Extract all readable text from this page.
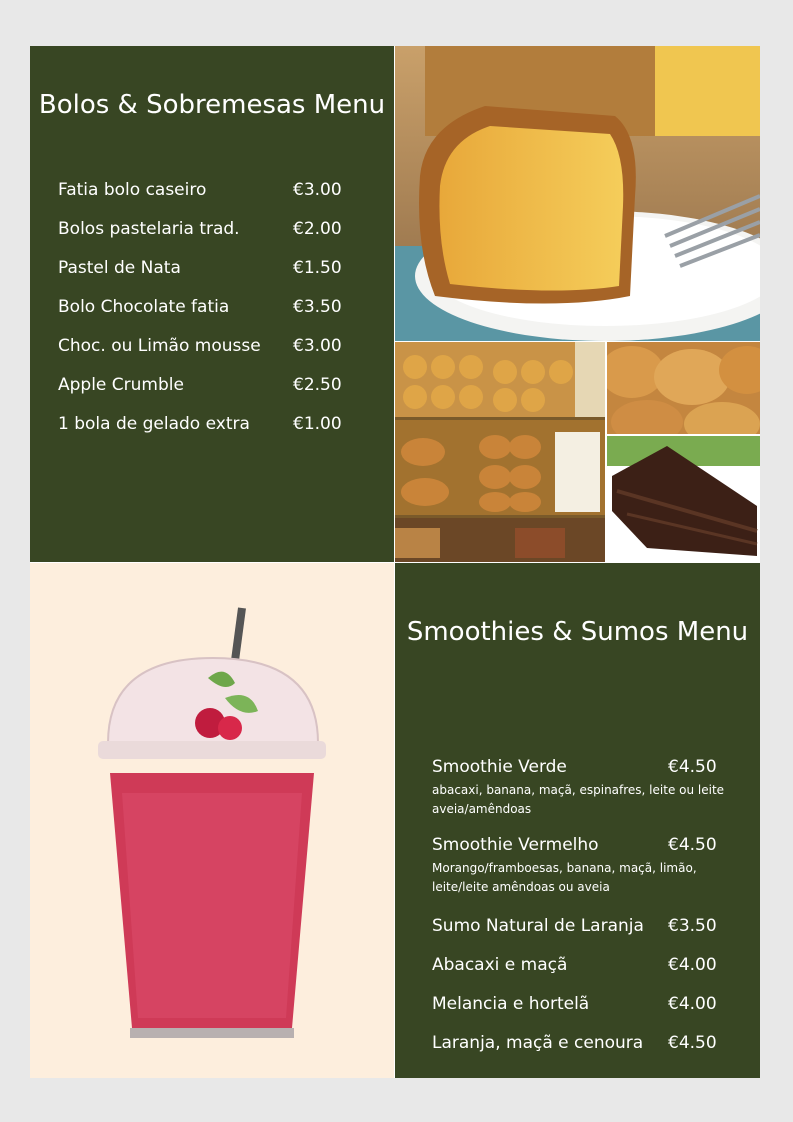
Bolos & Sobremesas Menu
Fatia bolo caseiro	€3.00
Bolos pastelaria trad.	€2.00
Pastel de Nata	€1.50
Bolo Chocolate fatia	€3.50
Choc. ou Limão mousse €3.00
Apple Crumble	€2.50
1 bola de gelado extra	€1.00
Smoothies & Sumos Menu
Smoothie Verde	€4.50
abacaxi, banana, maçã, espinafres, leite ou leite aveia/amêndoas
Smoothie Vermelho	€4.50
Morango/framboesas, banana, maçã, limão, leite/leite amêndoas ou aveia
Sumo Natural de Laranja €3.50
Abacaxi e maçã	€4.00
Melancia e hortelã	€4.00
Laranja, maçã e cenoura €4.50
